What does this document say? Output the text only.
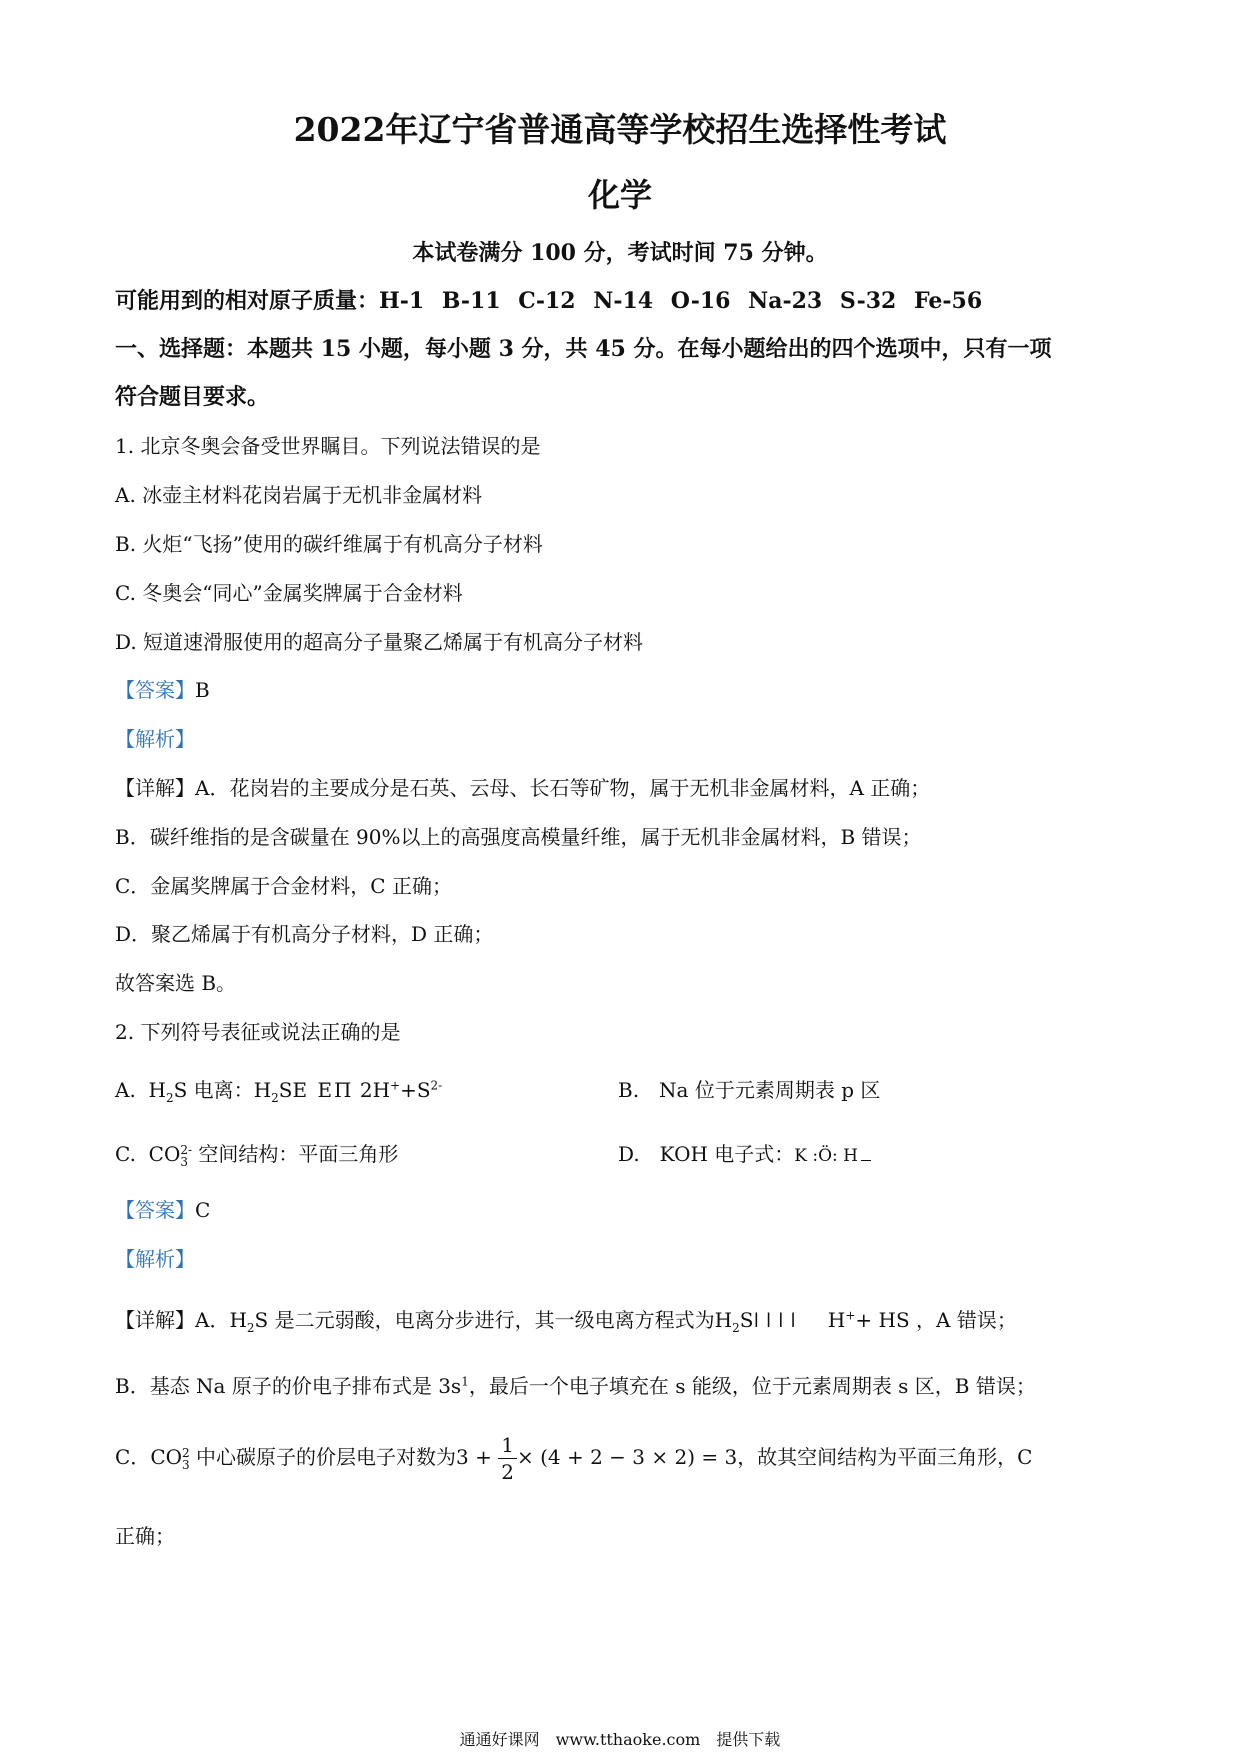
2022年辽宁省普通高等学校招生选择性考试
化学
本试卷满分 100 分，考试时间 75 分钟。
可能用到的相对原子质量：H-1 B-11 C-12 N-14 O-16 Na-23 S-32 Fe-56
一、选择题：本题共 15 小题，每小题 3 分，共 45 分。在每小题给出的四个选项中，只有一项
符合题目要求。
1. 北京冬奥会备受世界瞩目。下列说法错误的是
A. 冰壶主材料花岗岩属于无机非金属材料
B. 火炬“飞扬”使用的碳纤维属于有机高分子材料
C. 冬奥会“同心”金属奖牌属于合金材料
D. 短道速滑服使用的超高分子量聚乙烯属于有机高分子材料
【答案】B
【解析】
【详解】A．花岗岩的主要成分是石英、云母、长石等矿物，属于无机非金属材料，A 正确；
B．碳纤维指的是含碳量在 90%以上的高强度高模量纤维，属于无机非金属材料，B 错误；
C．金属奖牌属于合金材料，C 正确；
D．聚乙烯属于有机高分子材料，D 正确；
故答案选 B。
2. 下列符号表征或说法正确的是
A. $H_2S$ 电离：$H_2SE$ ΕΠ $2H^++S^{2-}$	B.　Na 位于元素周期表 p 区
C. CO 2-
3 空间结构：平面三角形	D.　KOH 电子式：K :Ö: H
【答案】C
【解析】
【详解】A．$H_2S$ 是二元弱酸，电离分步进行，其一级电离方程式为$H_2Sǀ$ ǀ ǀ ǀ H++ HS ，A 错误；
B．基态 Na 原子的价电子排布式是 $3s^1$，最后一个电子填充在 s 能级，位于元素周期表 s 区，B 错误；
C．CO 2
3 中心碳原子的价层电子对数为$3 + \frac{1}{2}\times (4 + 2 - 3 \times 2) = 3$，故其空间结构为平面三角形，C
正确；
通通好课网　www.tthaoke.com　提供下载
